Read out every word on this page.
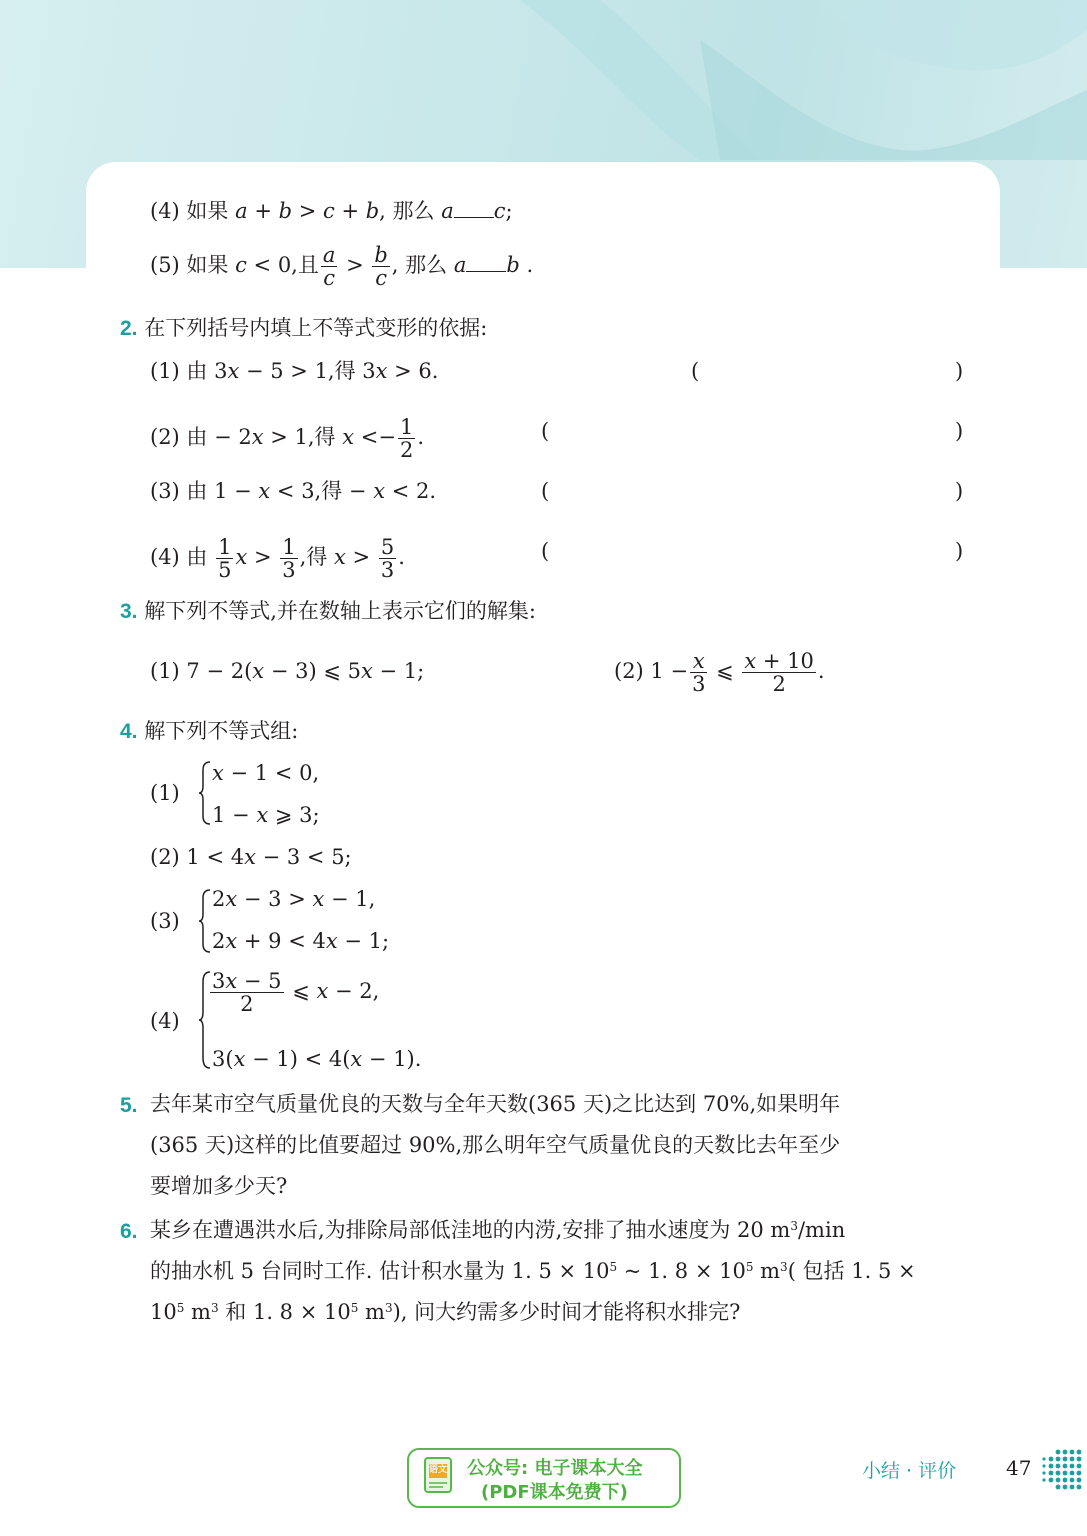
(4) 如果 a + b > c + b, 那么 a c;
(5) 如果 c < 0,且 $\frac{a}{c} > \frac{b}{c}$ , 那么 a b .
2. 在下列括号内填上不等式变形的依据:
(1) 由 3x − 5 > 1,得 3x > 6.	(	)
(2) 由 − 2x > 1,得 $x <- \frac{1}{2}$ .	(	)
(3) 由 1 − x < 3,得 − x < 2.	(	)
(4) 由 $\frac{1}{5}$ $x > \frac{1}{3}$ ,得 $x > \frac{5}{3}$ .	(	)
3. 解下列不等式,并在数轴上表示它们的解集:
(1) 7 − 2(x − 3) ⩽ 5x − 1;	(2) $1 - \frac{x}{3}$ ⩽ $\frac{x + 10}{2}$ .
4. 解下列不等式组:
(1)
x − 1 < 0,
1 − x ⩾ 3;
(2) 1 < 4x − 3 < 5;
(3)
2x − 3 > x − 1,
2x + 9 < 4x − 1;
(4)
$\frac{3x - 5}{2}$ ⩽ x − 2,
3(x − 1) < 4(x − 1).
5. 去年某市空气质量优良的天数与全年天数(365 天)之比达到 70%,如果明年
(365 天)这样的比值要超过 90%,那么明年空气质量优良的天数比去年至少
要增加多少天?
6. 某乡在遭遇洪水后,为排除局部低洼地的内涝,安排了抽水速度为 20 $m^3/\min$
的抽水机 5 台同时工作. 估计积水量为 1. $5 \times 10^5$ ~ 1. $8 \times 10^5$ $m^3$( 包括 1. 5 ×
$10^5$ $m^3$ 和 1. $8 \times 10^5$ $m^3$), 问大约需多少时间才能将积水排完?
语文 公众号: 电子课本大全
(PDF课本免费下)
小结 · 评价 47
